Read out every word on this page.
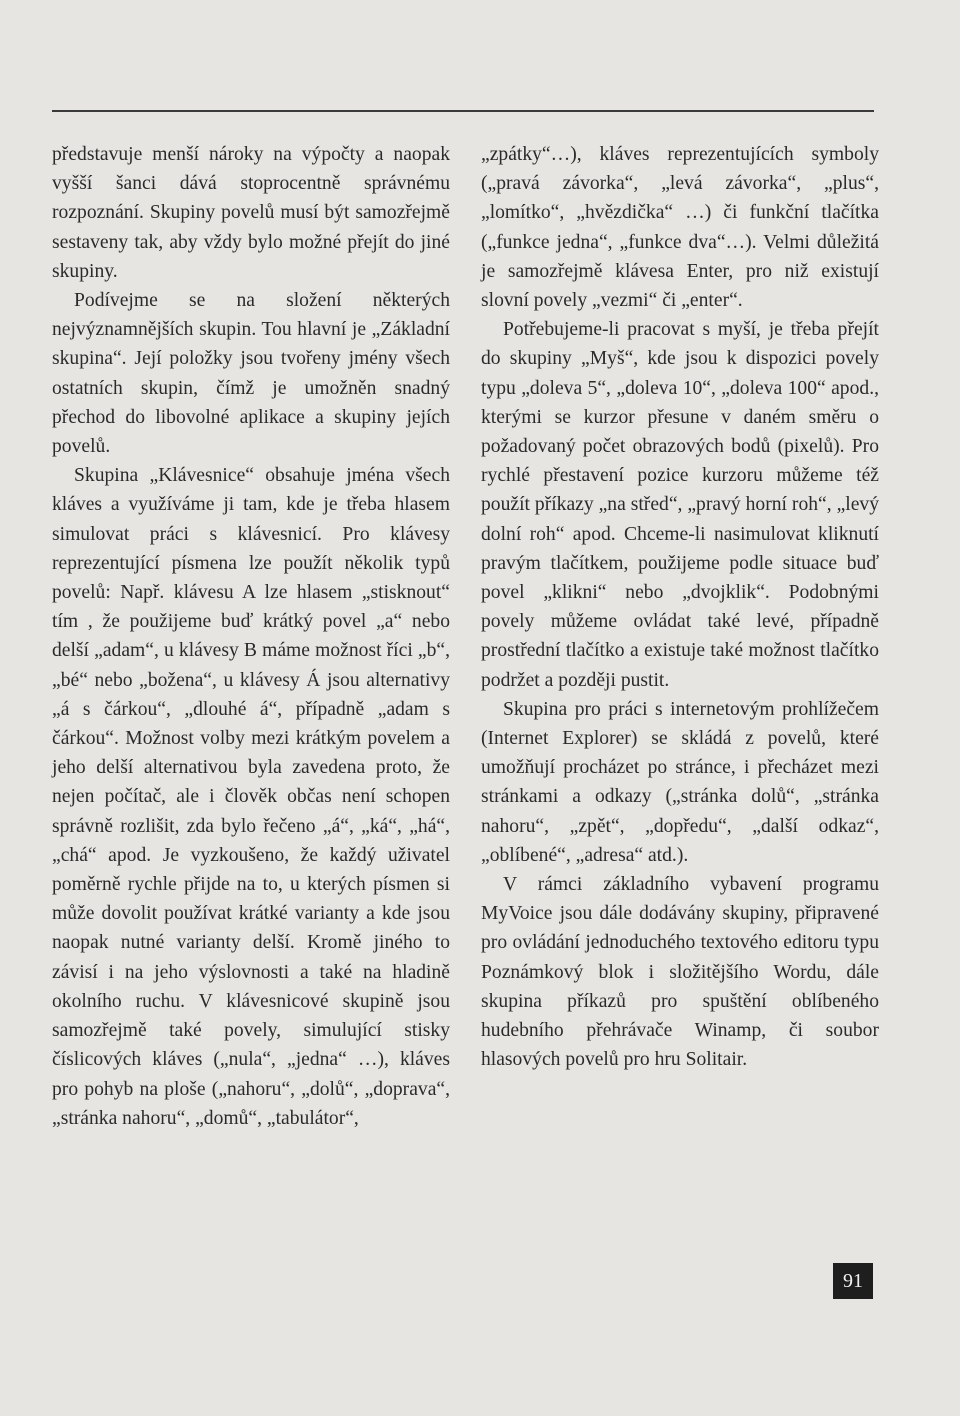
představuje menší nároky na výpočty a naopak vyšší šanci dává stoprocentně správnému rozpoznání. Skupiny povelů musí být samozřejmě sestaveny tak, aby vždy bylo možné přejít do jiné skupiny.

Podívejme se na složení některých nejvýznamnějších skupin. Tou hlavní je „Základní skupina“. Její položky jsou tvořeny jmény všech ostatních skupin, čímž je umožněn snadný přechod do libovolné aplikace a skupiny jejích povelů.

Skupina „Klávesnice“ obsahuje jména všech kláves a využíváme ji tam, kde je třeba hlasem simulovat práci s klávesnicí. Pro klávesy reprezentující písmena lze použít několik typů povelů: Např. klávesu A lze hlasem „stisknout“ tím , že použijeme buď krátký povel „a“ nebo delší „adam“, u klávesy B máme možnost říci „b“, „bé“ nebo „božena“, u klávesy Á jsou alternativy „á s čárkou“, „dlouhé á“, případně „adam s čárkou“. Možnost volby mezi krátkým povelem a jeho delší alternativou byla zavedena proto, že nejen počítač, ale i člověk občas není schopen správně rozlišit, zda bylo řečeno „á“, „ká“, „há“, „chá“ apod. Je vyzkoušeno, že každý uživatel poměrně rychle přijde na to, u kterých písmen si může dovolit používat krátké varianty a kde jsou naopak nutné varianty delší. Kromě jiného to závisí i na jeho výslovnosti a také na hladině okolního ruchu. V klávesnicové skupině jsou samozřejmě také povely, simulující stisky číslicových kláves („nula“, „jedna“ …), kláves pro pohyb na ploše („nahoru“, „dolů“, „doprava“, „stránka nahoru“, „domů“, „tabulátor“,

„zpátky“…), kláves reprezentujících symboly („pravá závorka“, „levá závorka“, „plus“, „lomítko“, „hvězdička“ …) či funkční tlačítka („funkce jedna“, „funkce dva“…). Velmi důležitá je samozřejmě klávesa Enter, pro niž existují slovní povely „vezmi“ či „enter“.

Potřebujeme-li pracovat s myší, je třeba přejít do skupiny „Myš“, kde jsou k dispozici povely typu „doleva 5“, „doleva 10“, „doleva 100“ apod., kterými se kurzor přesune v daném směru o požadovaný počet obrazových bodů (pixelů). Pro rychlé přestavení pozice kurzoru můžeme též použít příkazy „na střed“, „pravý horní roh“, „levý dolní roh“ apod. Chceme-li nasimulovat kliknutí pravým tlačítkem, použijeme podle situace buď povel „klikni“ nebo „dvojklik“. Podobnými povely můžeme ovládat také levé, případně prostřední tlačítko a existuje také možnost tlačítko podržet a později pustit.

Skupina pro práci s internetovým prohlížečem (Internet Explorer) se skládá z povelů, které umožňují procházet po stránce, i přecházet mezi stránkami a odkazy („stránka dolů“, „stránka nahoru“, „zpět“, „dopředu“, „další odkaz“, „oblíbené“, „adresa“ atd.).

V rámci základního vybavení programu MyVoice jsou dále dodávány skupiny, připravené pro ovládání jednoduchého textového editoru typu Poznámkový blok i složitějšího Wordu, dále skupina příkazů pro spuštění oblíbeného hudebního přehrávače Winamp, či soubor hlasových povelů pro hru Solitair.

91
